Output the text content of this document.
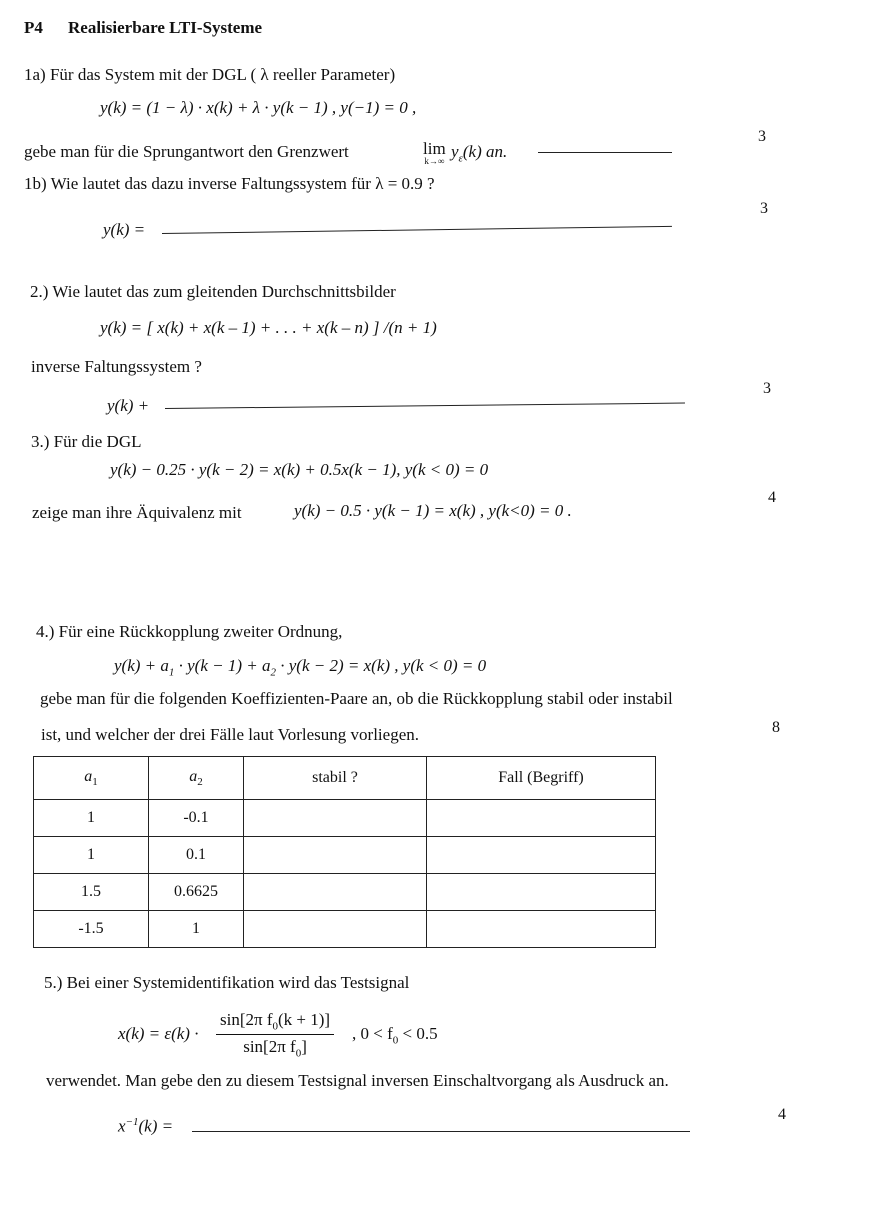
P4 Realisierbare LTI-Systeme
1a) Für das System mit der DGL ( λ reeller Parameter)
y(k) = (1 − λ) · x(k) + λ · y(k − 1) , y(−1) = 0 ,
gebe man für die Sprungantwort den Grenzwert	lim
k→∞ $y_\varepsilon(k)$ an.
3
1b) Wie lautet das dazu inverse Faltungssystem für λ = 0.9 ?
y(k) =
3
2.) Wie lautet das zum gleitenden Durchschnittsbilder
y(k) = [ x(k) + x(k – 1) + . . . + x(k – n) ] /(n + 1)
inverse Faltungssystem ?
y(k) +
3
3.) Für die DGL
y(k) − 0.25 · y(k − 2) = x(k) + 0.5x(k − 1), y(k < 0) = 0
zeige man ihre Äquivalenz mit	y(k) − 0.5 · y(k − 1) = x(k) , y(k<0) = 0 .
4
4.) Für eine Rückkopplung zweiter Ordnung,
$y(k) + a_1 \cdot y(k - 1) + a_2 \cdot y(k - 2) = x(k)$ , y(k < 0) = 0
gebe man für die folgenden Koeffizienten-Paare an, ob die Rückkopplung stabil oder instabil
ist, und welcher der drei Fälle laut Vorlesung vorliegen.	8
$a_1$	$a_2$	stabil ?	Fall (Begriff)
1	-0.1		
1	0.1		
1.5	0.6625		
-1.5	1		
5.) Bei einer Systemidentifikation wird das Testsignal
x(k) = ε(k) ·
sin[2π $f_0(k + 1)$]
sin[2π $f_0$]
, $0 < f_0 < 0.5$
verwendet. Man gebe den zu diesem Testsignal inversen Einschaltvorgang als Ausdruck an.
$x^{-1}(k)$ =
4
